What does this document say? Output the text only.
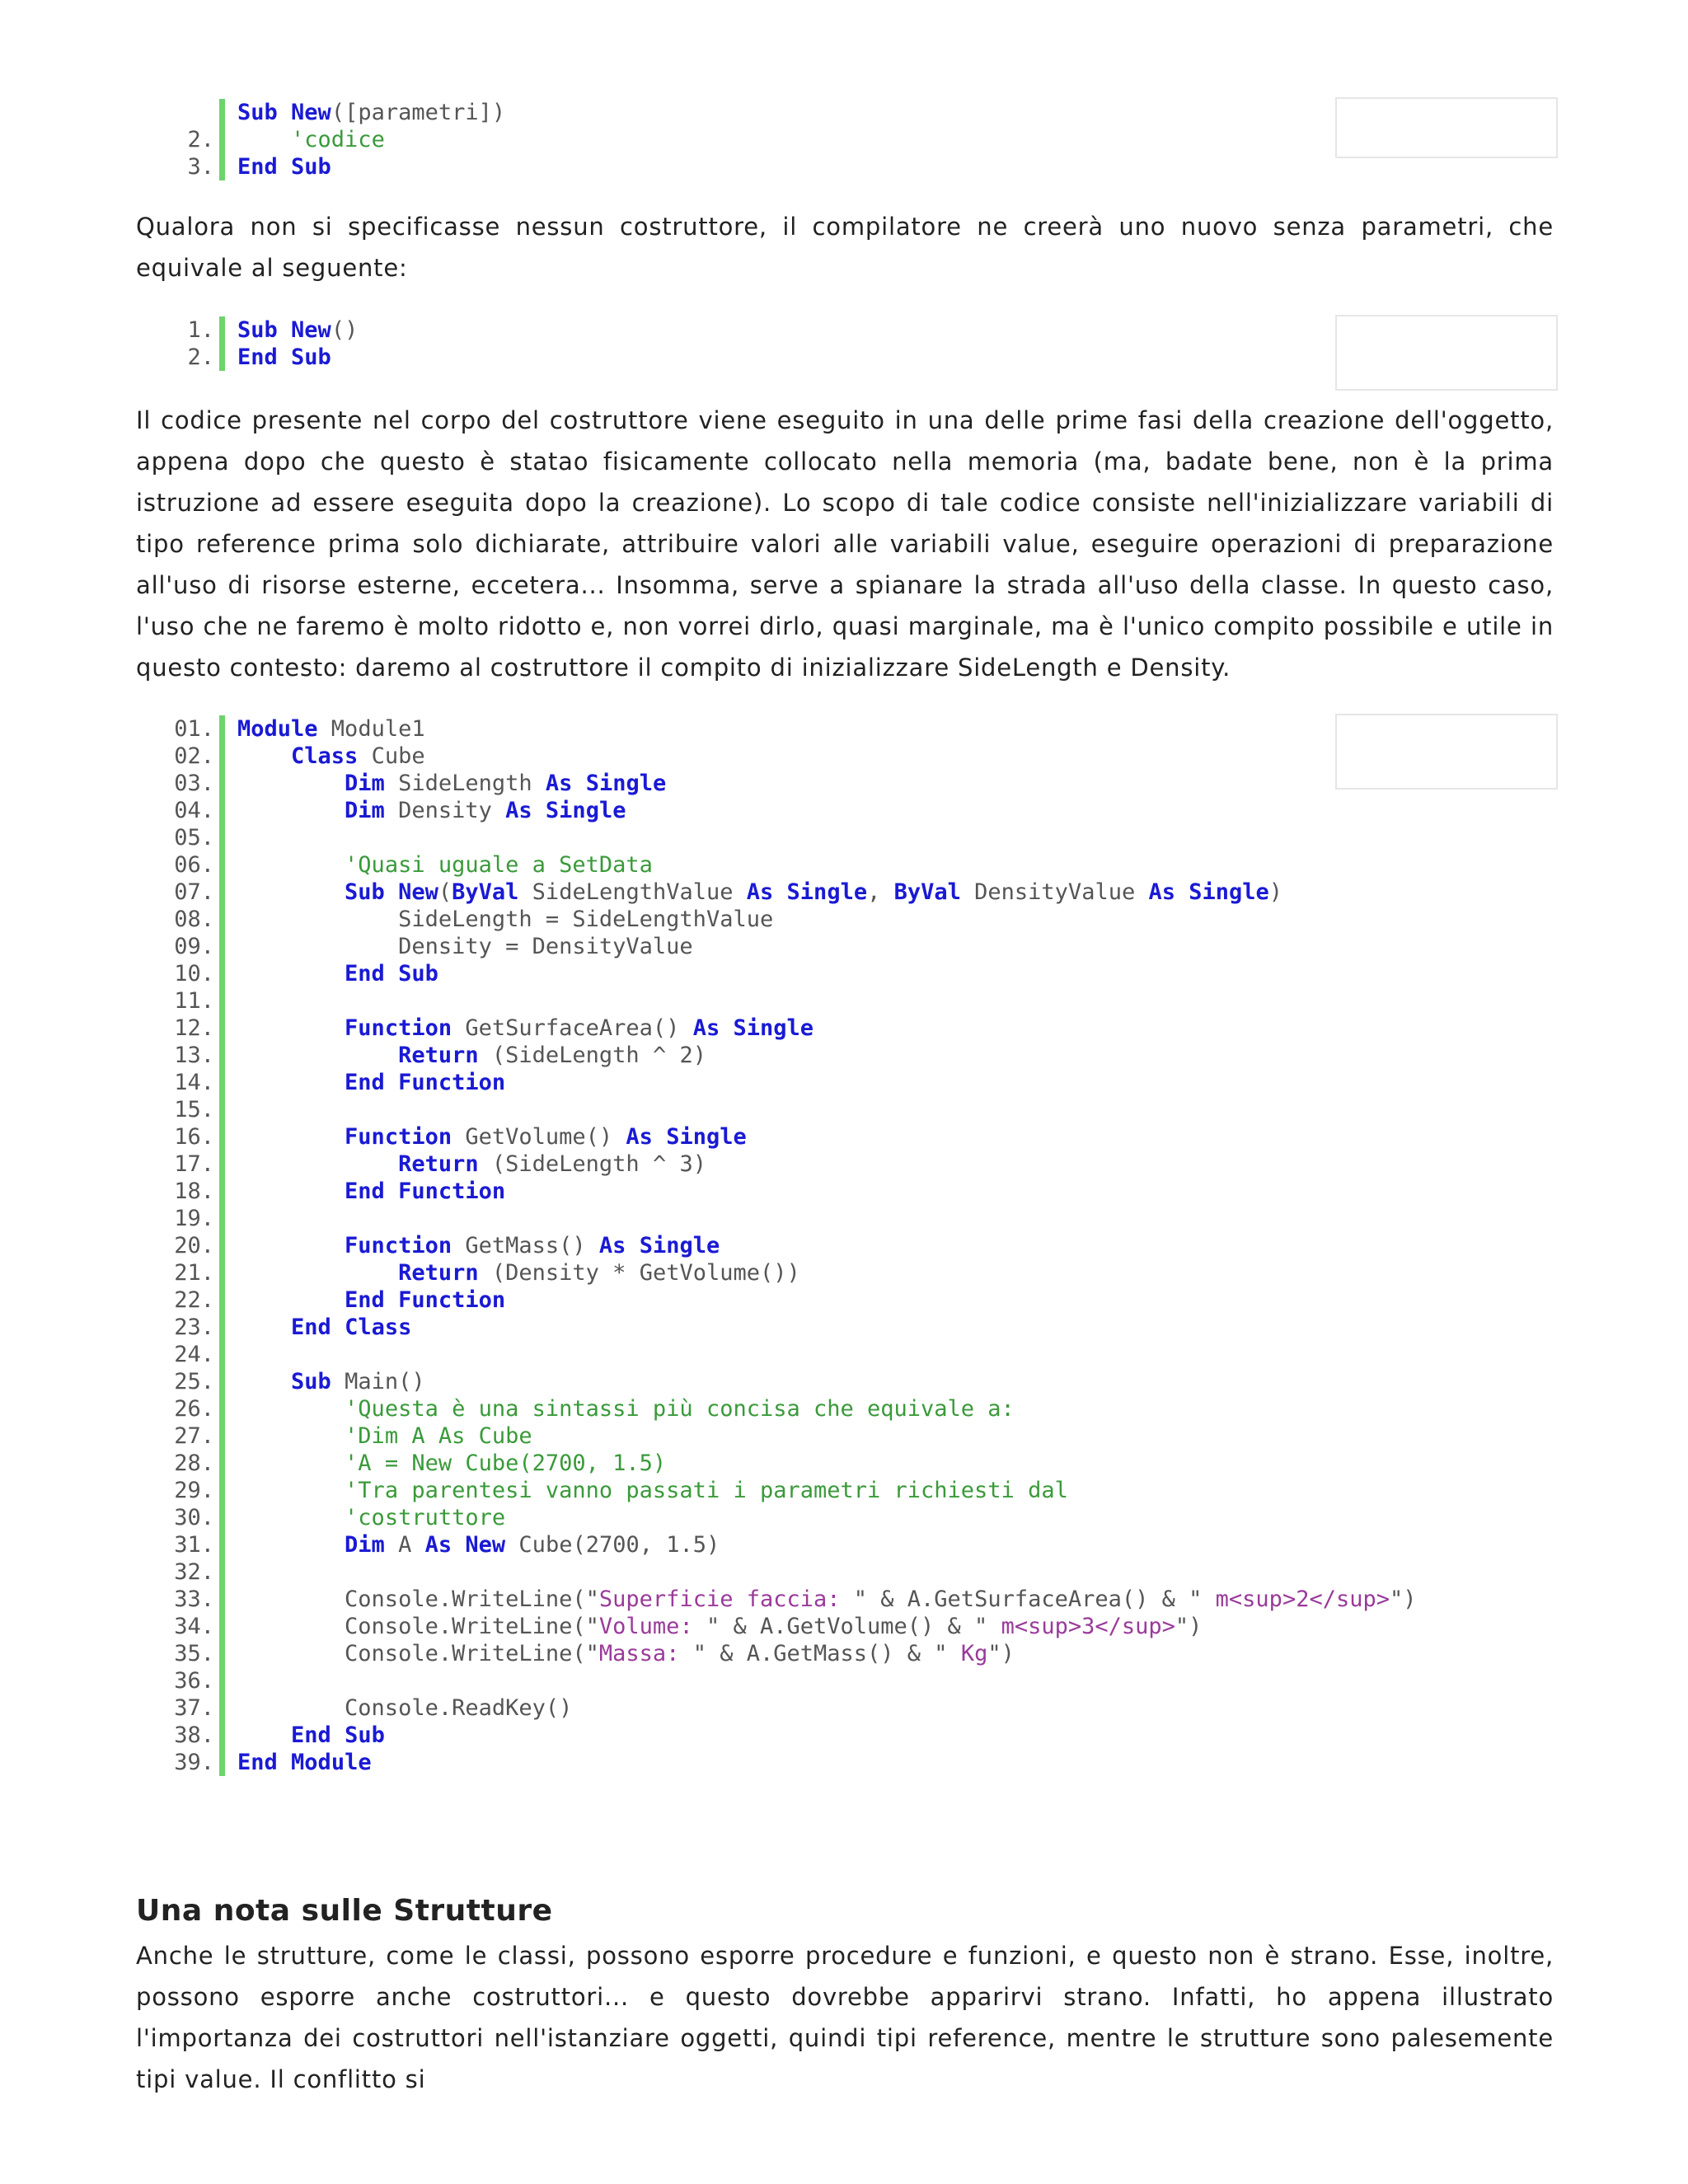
Sub New([parametri])
2.	'codice
3. End Sub

Qualora non si specificasse nessun costruttore, il compilatore ne creerà uno nuovo senza parametri, che equivale al seguente:

1. Sub New()
2. End Sub

Il codice presente nel corpo del costruttore viene eseguito in una delle prime fasi della creazione dell'oggetto, appena dopo che questo è statao fisicamente collocato nella memoria (ma, badate bene, non è la prima istruzione ad essere eseguita dopo la creazione). Lo scopo di tale codice consiste nell'inizializzare variabili di tipo reference prima solo dichiarate, attribuire valori alle variabili value, eseguire operazioni di preparazione all'uso di risorse esterne, eccetera... Insomma, serve a spianare la strada all'uso della classe. In questo caso, l'uso che ne faremo è molto ridotto e, non vorrei dirlo, quasi marginale, ma è l'unico compito possibile e utile in questo contesto: daremo al costruttore il compito di inizializzare SideLength e Density.

01. Module Module1
02.	Class Cube
03.	Dim SideLength As Single
04.	Dim Density As Single
05.
06.	'Quasi uguale a SetData
07.	Sub New(ByVal SideLengthValue As Single, ByVal DensityValue As Single)
08. SideLength = SideLengthValue
09. Density = DensityValue
10.	End Sub
11.
12.	Function GetSurfaceArea() As Single
13.	Return (SideLength ^ 2)
14.	End Function
15.
16.	Function GetVolume() As Single
17.	Return (SideLength ^ 3)
18.	End Function
19.
20.	Function GetMass() As Single
21.	Return (Density * GetVolume())
22.	End Function
23.	End Class
24.
25.	Sub Main()
26.	'Questa è una sintassi più concisa che equivale a:
27.	'Dim A As Cube
28.	'A = New Cube(2700, 1.5)
29.	'Tra parentesi vanno passati i parametri richiesti dal
30.	'costruttore
31.	Dim A As New Cube(2700, 1.5)
32.
33. Console.WriteLine("Superficie faccia: " & A.GetSurfaceArea() & " m<sup>2</sup>")
34. Console.WriteLine("Volume: " & A.GetVolume() & " m<sup>3</sup>")
35. Console.WriteLine("Massa: " & A.GetMass() & " Kg")
36.
37. Console.ReadKey()
38.	End Sub
39. End Module
Una nota sulle Strutture

Anche le strutture, come le classi, possono esporre procedure e funzioni, e questo non è strano. Esse, inoltre, possono esporre anche costruttori... e questo dovrebbe apparirvi strano. Infatti, ho appena illustrato l'importanza dei costruttori nell'istanziare oggetti, quindi tipi reference, mentre le strutture sono palesemente tipi value. Il conflitto si
